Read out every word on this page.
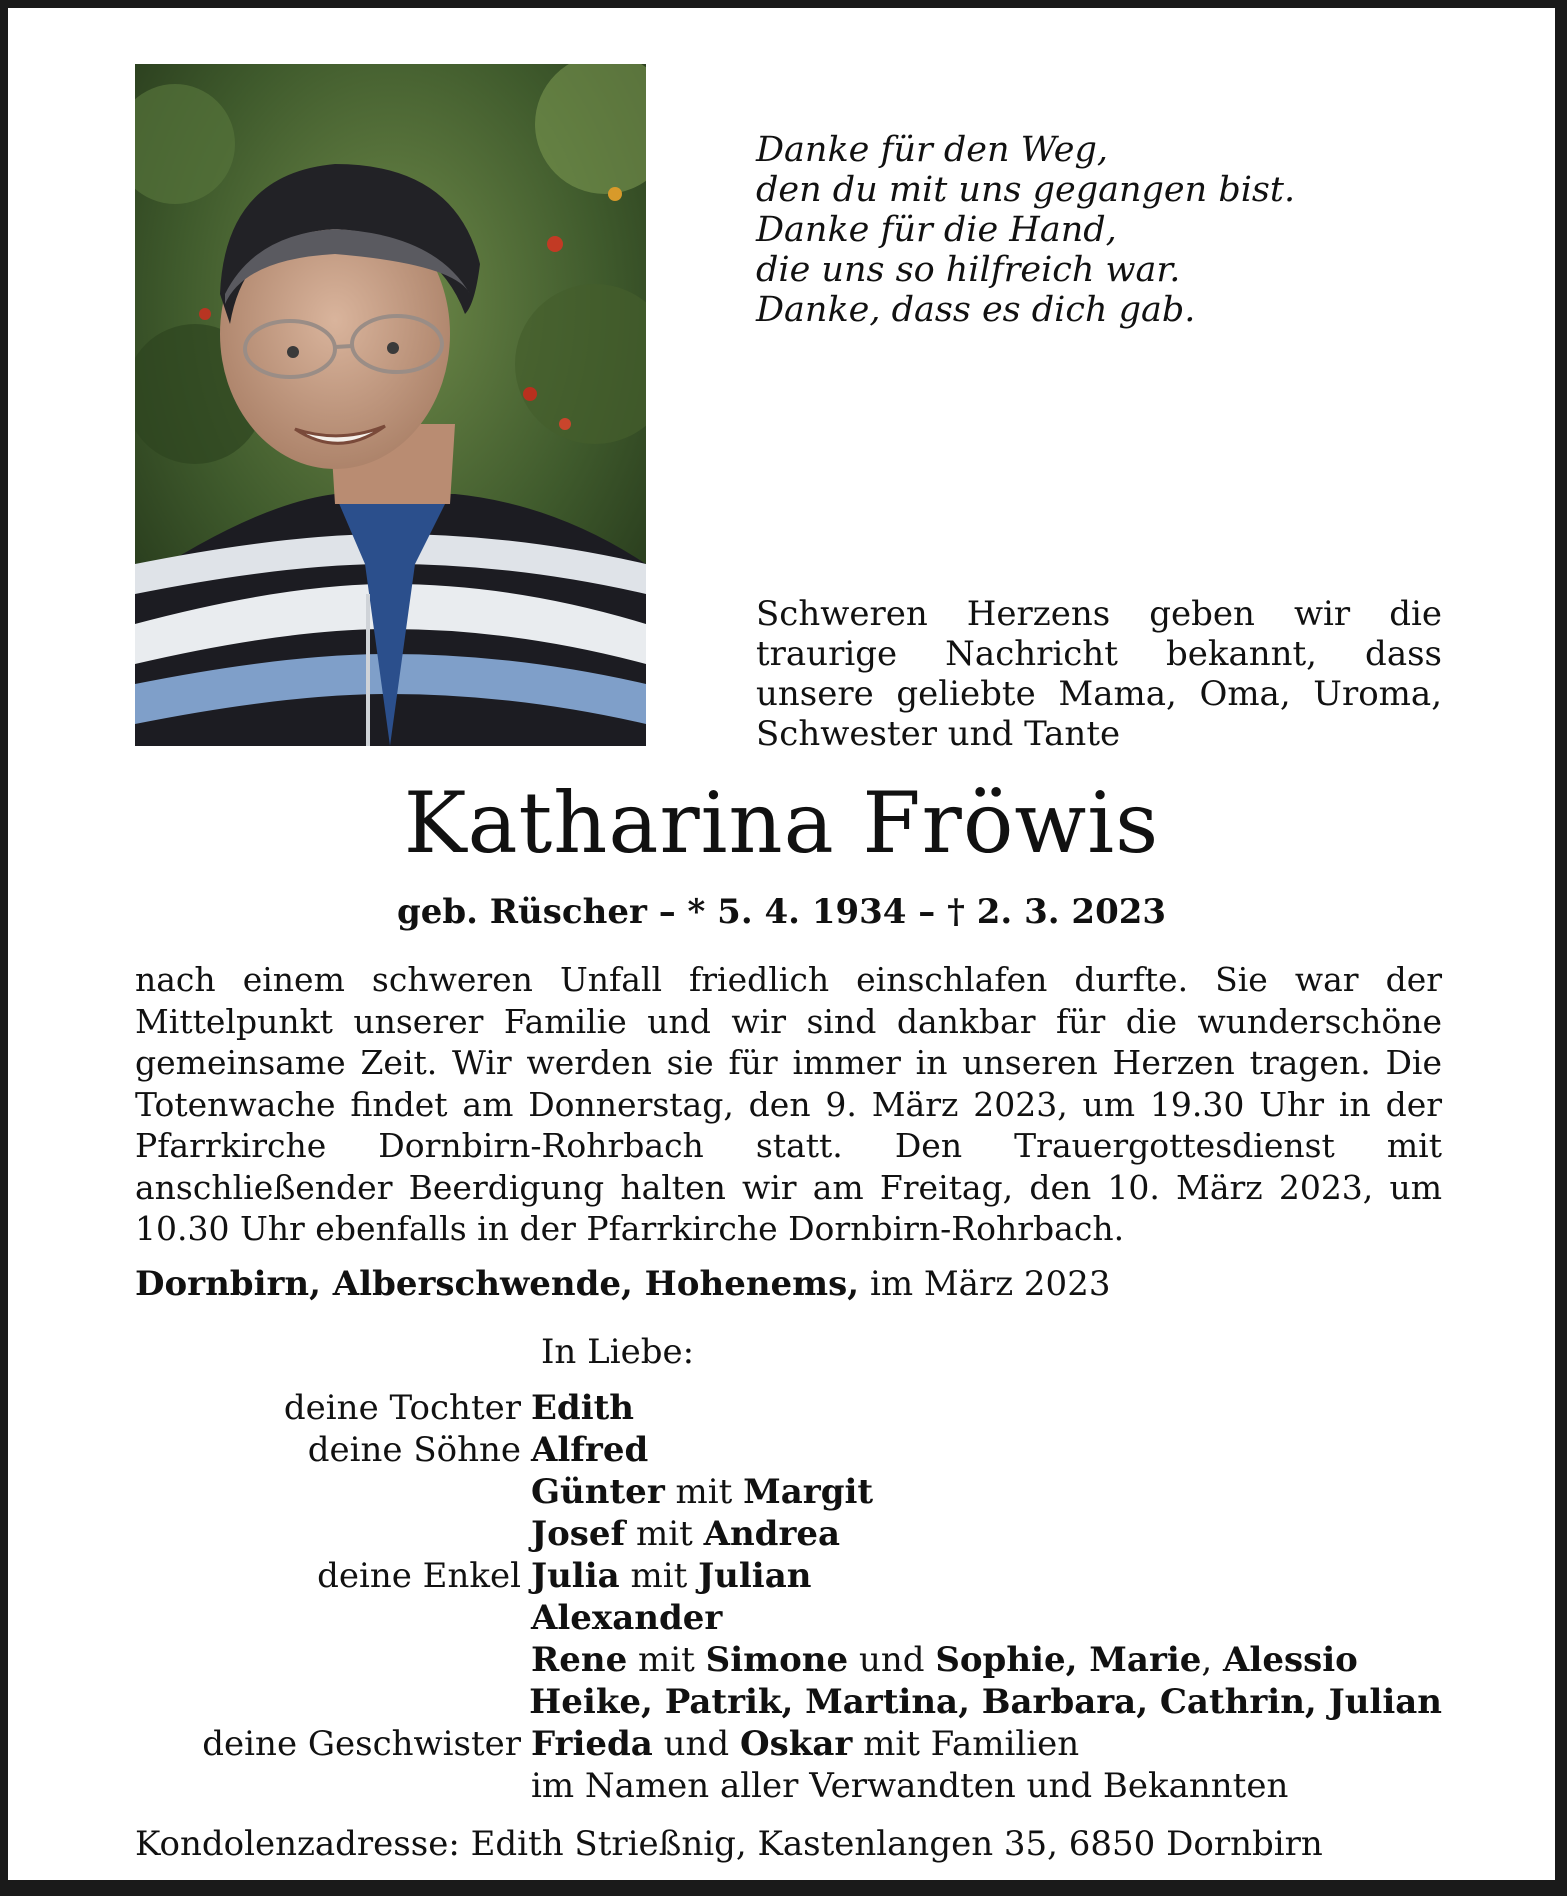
Danke für den Weg,
den du mit uns gegangen bist.
Danke für die Hand,
die uns so hilfreich war.
Danke, dass es dich gab.
Schweren Herzens geben wir die traurige Nachricht bekannt, dass unsere geliebte Mama, Oma, Uroma, Schwester und Tante
Katharina Fröwis
geb. Rüscher – * 5. 4. 1934 – † 2. 3. 2023
nach einem schweren Unfall friedlich einschlafen durfte. Sie war der Mittelpunkt unserer Familie und wir sind dankbar für die wunderschöne gemeinsame Zeit. Wir werden sie für immer in unseren Herzen tragen. Die Totenwache findet am Donnerstag, den 9. März 2023, um 19.30 Uhr in der Pfarrkirche Dornbirn-Rohrbach statt. Den Trauergottesdienst mit anschließender Beerdigung halten wir am Freitag, den 10. März 2023, um 10.30 Uhr ebenfalls in der Pfarrkirche Dornbirn-Rohrbach.
Dornbirn, Alberschwende, Hohenems, im März 2023
In Liebe:
deine Tochter Edith
deine Söhne Alfred
Günter mit Margit
Josef mit Andrea
deine Enkel Julia mit Julian
Alexander
Rene mit Simone und Sophie, Marie, Alessio
Heike, Patrik, Martina, Barbara, Cathrin, Julian
deine Geschwister Frieda und Oskar mit Familien
im Namen aller Verwandten und Bekannten
Kondolenzadresse: Edith Strießnig, Kastenlangen 35, 6850 Dornbirn
